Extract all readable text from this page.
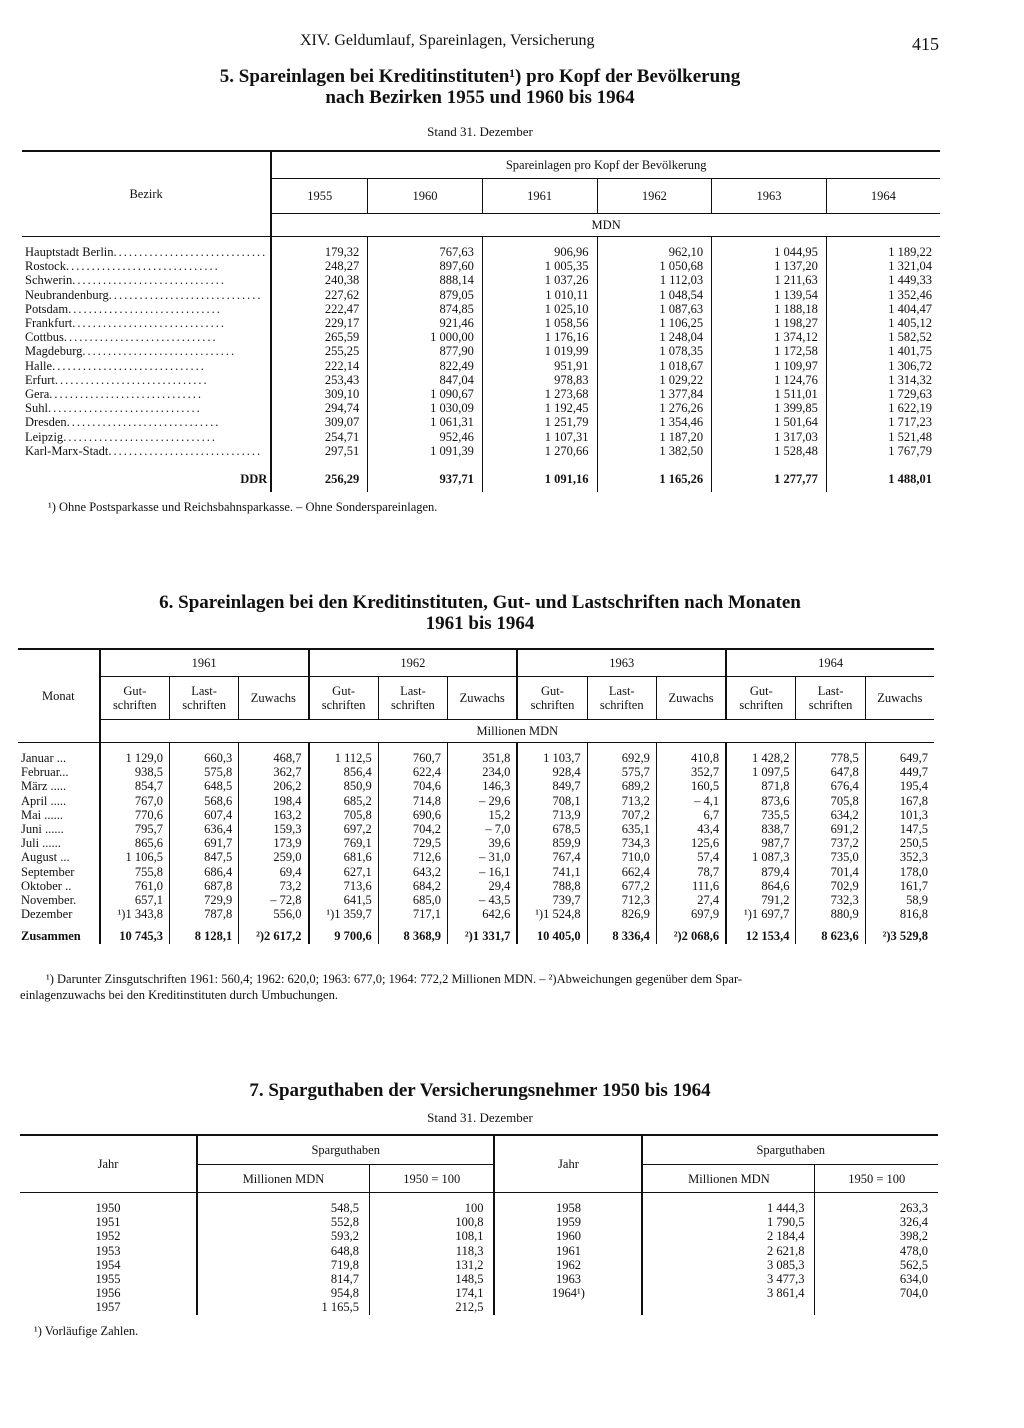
XIV. Geldumlauf, Spareinlagen, Versicherung	415
5. Spareinlagen bei Kreditinstituten¹) pro Kopf der Bevölkerung
nach Bezirken 1955 und 1960 bis 1964
Stand 31. Dezember
Bezirk	Spareinlagen pro Kopf der Bevölkerung					
	1955	1960	1961	1962	1963	1964
	MDN					

Hauptstadt Berlin ..............................	179,32	767,63	906,96	962,10	1 044,95	1 189,22

Rostock ..............................	248,27	897,60	1 005,35	1 050,68	1 137,20	1 321,04

Schwerin ..............................	240,38	888,14	1 037,26	1 112,03	1 211,63	1 449,33

Neubrandenburg ..............................	227,62	879,05	1 010,11	1 048,54	1 139,54	1 352,46

Potsdam ..............................	222,47	874,85	1 025,10	1 087,63	1 188,18	1 404,47

Frankfurt ..............................	229,17	921,46	1 058,56	1 106,25	1 198,27	1 405,12

Cottbus ..............................	265,59	1 000,00	1 176,16	1 248,04	1 374,12	1 582,52

Magdeburg ..............................	255,25	877,90	1 019,99	1 078,35	1 172,58	1 401,75

Halle ..............................	222,14	822,49	951,91	1 018,67	1 109,97	1 306,72

Erfurt ..............................	253,43	847,04	978,83	1 029,22	1 124,76	1 314,32

Gera ..............................	309,10	1 090,67	1 273,68	1 377,84	1 511,01	1 729,63

Suhl ..............................	294,74	1 030,09	1 192,45	1 276,26	1 399,85	1 622,19

Dresden ..............................	309,07	1 061,31	1 251,79	1 354,46	1 501,64	1 717,23

Leipzig ..............................	254,71	952,46	1 107,31	1 187,20	1 317,03	1 521,48

Karl-Marx-Stadt ..............................	297,51	1 091,39	1 270,66	1 382,50	1 528,48	1 767,79
DDR	256,29	937,71	1 091,16	1 165,26	1 277,77	1 488,01
¹) Ohne Postsparkasse und Reichsbahnsparkasse. – Ohne Sonderspareinlagen.
6. Spareinlagen bei den Kreditinstituten, Gut- und Lastschriften nach Monaten
1961 bis 1964
Monat	1961			1962			1963			1964		
	Gut- schriften	Last- schriften	Zuwachs	Gut- schriften	Last- schriften	Zuwachs	Gut- schriften	Last- schriften	Zuwachs	Gut- schriften	Last- schriften	Zuwachs
	Millionen MDN											
Januar ...	1 129,0	660,3	468,7	1 112,5	760,7	351,8	1 103,7	692,9	410,8	1 428,2	778,5	649,7
Februar...	938,5	575,8	362,7	856,4	622,4	234,0	928,4	575,7	352,7	1 097,5	647,8	449,7
März .....	854,7	648,5	206,2	850,9	704,6	146,3	849,7	689,2	160,5	871,8	676,4	195,4
April .....	767,0	568,6	198,4	685,2	714,8	– 29,6	708,1	713,2	– 4,1	873,6	705,8	167,8
Mai ......	770,6	607,4	163,2	705,8	690,6	15,2	713,9	707,2	6,7	735,5	634,2	101,3
Juni ......	795,7	636,4	159,3	697,2	704,2	– 7,0	678,5	635,1	43,4	838,7	691,2	147,5
Juli ......	865,6	691,7	173,9	769,1	729,5	39,6	859,9	734,3	125,6	987,7	737,2	250,5
August ...	1 106,5	847,5	259,0	681,6	712,6	– 31,0	767,4	710,0	57,4	1 087,3	735,0	352,3
September	755,8	686,4	69,4	627,1	643,2	– 16,1	741,1	662,4	78,7	879,4	701,4	178,0
Oktober ..	761,0	687,8	73,2	713,6	684,2	29,4	788,8	677,2	111,6	864,6	702,9	161,7
November.	657,1	729,9	– 72,8	641,5	685,0	– 43,5	739,7	712,3	27,4	791,2	732,3	58,9
Dezember	¹)1 343,8	787,8	556,0	¹)1 359,7	717,1	642,6	¹)1 524,8	826,9	697,9	¹)1 697,7	880,9	816,8
Zusammen	10 745,3	8 128,1	²)2 617,2	9 700,6	8 368,9	²)1 331,7	10 405,0	8 336,4	²)2 068,6	12 153,4	8 623,6	²)3 529,8
¹) Darunter Zinsgutschriften 1961: 560,4; 1962: 620,0; 1963: 677,0; 1964: 772,2 Millionen MDN. – ²)Abweichungen gegenüber dem Spar-
einlagenzuwachs bei den Kreditinstituten durch Umbuchungen.
7. Sparguthaben der Versicherungsnehmer 1950 bis 1964
Stand 31. Dezember
Jahr	Sparguthaben		Jahr	Sparguthaben	
	Millionen MDN	1950 = 100		Millionen MDN	1950 = 100
1950	548,5	100	1958	1 444,3	263,3
1951	552,8	100,8	1959	1 790,5	326,4
1952	593,2	108,1	1960	2 184,4	398,2
1953	648,8	118,3	1961	2 621,8	478,0
1954	719,8	131,2	1962	3 085,3	562,5
1955	814,7	148,5	1963	3 477,3	634,0
1956	954,8	174,1	1964¹)	3 861,4	704,0
1957	1 165,5	212,5			
¹) Vorläufige Zahlen.
